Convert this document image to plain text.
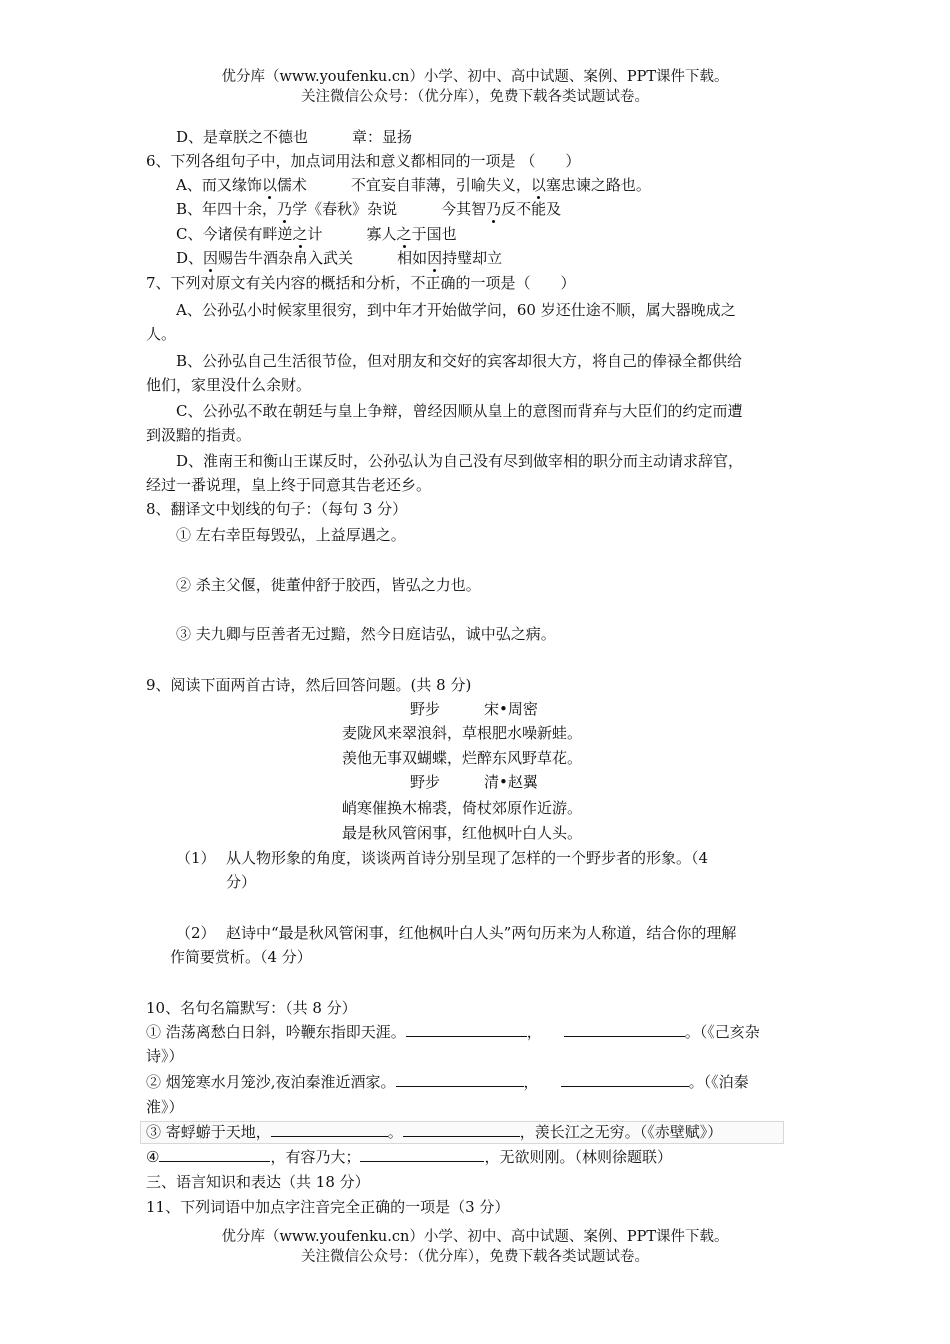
优分库（www.youfenku.cn）小学、初中、高中试题、案例、PPT课件下载。
关注微信公众号：（优分库），免费下载各类试题试卷。
D、是章朕之不德也	章：显扬
6、下列各组句子中，加点词用法和意义都相同的一项是 （　　）
A、而又缘饰以儒术	不宜妄自菲薄，引喻失义，以塞忠谏之路也。
B、年四十余，乃学《春秋》杂说	今其智乃反不能及
C、今诸侯有畔逆之计	寡人之于国也
D、因赐告牛酒杂帛入武关	相如因持璧却立
7、下列对原文有关内容的概括和分析，不正确的一项是（　　）
A、公孙弘小时候家里很穷，到中年才开始做学问，60 岁还仕途不顺，属大器晚成之
人。
B、公孙弘自己生活很节俭，但对朋友和交好的宾客却很大方，将自己的俸禄全都供给
他们，家里没什么余财。
C、公孙弘不敢在朝廷与皇上争辩，曾经因顺从皇上的意图而背弃与大臣们的约定而遭
到汲黯的指责。
D、淮南王和衡山王谋反时，公孙弘认为自己没有尽到做宰相的职分而主动请求辞官，
经过一番说理，皇上终于同意其告老还乡。
8、翻译文中划线的句子：（每句 3 分）
① 左右幸臣每毁弘，上益厚遇之。
② 杀主父偃，徙董仲舒于胶西，皆弘之力也。
③ 夫九卿与臣善者无过黯，然今日庭诘弘，诚中弘之病。
9、阅读下面两首古诗，然后回答问题。(共 8 分)
野步	宋•周密
麦陇风来翠浪斜，草根肥水噪新蛙。
羡他无事双蝴蝶，烂醉东风野草花。
野步	清•赵翼
峭寒催换木棉裘，倚杖郊原作近游。
最是秋风管闲事，红他枫叶白人头。
（1） 从人物形象的角度，谈谈两首诗分别呈现了怎样的一个野步者的形象。（4
分）
（2） 赵诗中“最是秋风管闲事，红他枫叶白人头”两句历来为人称道，结合你的理解
作简要赏析。（4 分）
10、名句名篇默写：（共 8 分）
① 浩荡离愁白日斜，吟鞭东指即天涯。	，	。（《己亥杂
诗》）
② 烟笼寒水月笼沙,夜泊秦淮近酒家。	，	。（《泊秦
淮》）
③ 寄蜉蝣于天地，	。	，羡长江之无穷。（《赤壁赋》）
④	，有容乃大；	，无欲则刚。（林则徐题联）
三、语言知识和表达（共 18 分）
11、下列词语中加点字注音完全正确的一项是（3 分）
优分库（www.youfenku.cn）小学、初中、高中试题、案例、PPT课件下载。
关注微信公众号：（优分库），免费下载各类试题试卷。
